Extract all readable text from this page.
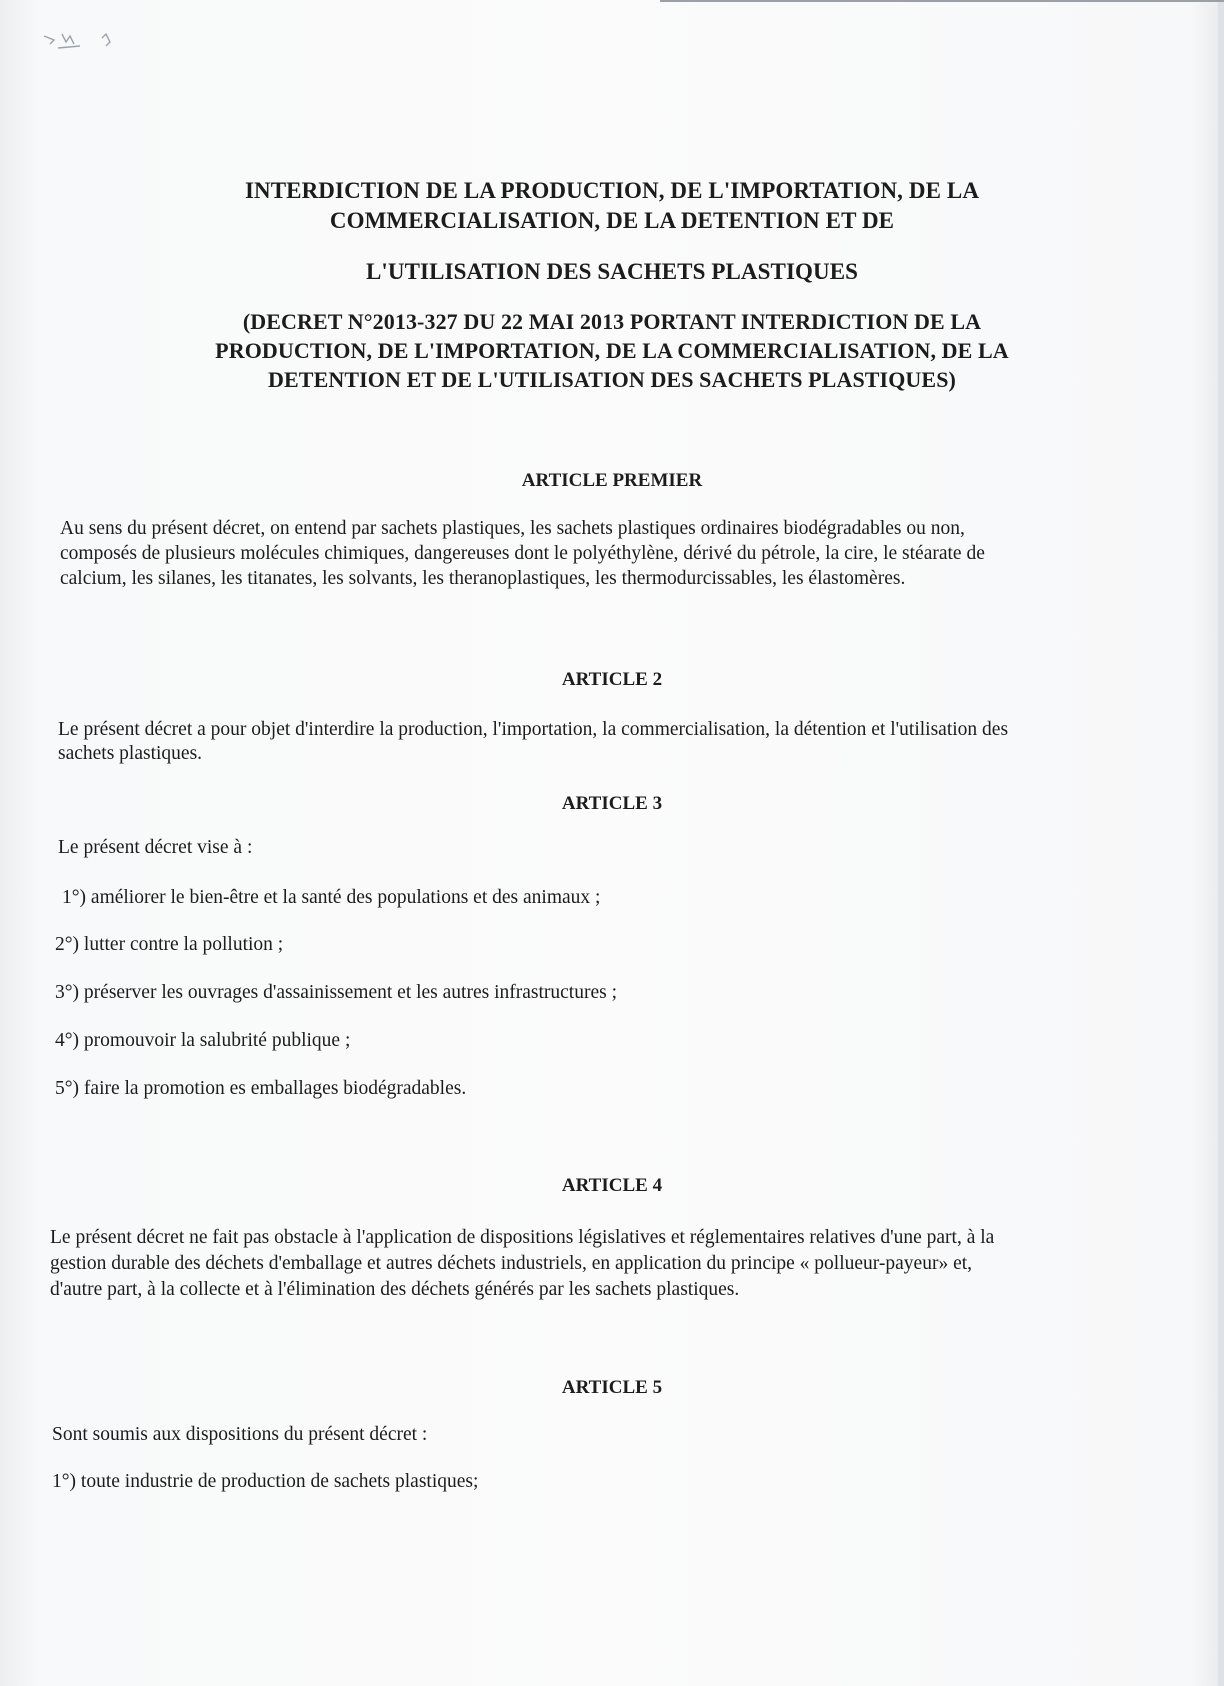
INTERDICTION DE LA PRODUCTION, DE L'IMPORTATION, DE LA
COMMERCIALISATION, DE LA DETENTION ET DE
L'UTILISATION DES SACHETS PLASTIQUES
(DECRET N°2013-327 DU 22 MAI 2013 PORTANT INTERDICTION DE LA
PRODUCTION, DE L'IMPORTATION, DE LA COMMERCIALISATION, DE LA
DETENTION ET DE L'UTILISATION DES SACHETS PLASTIQUES)
ARTICLE PREMIER
Au sens du présent décret, on entend par sachets plastiques, les sachets plastiques ordinaires biodégradables ou non,
composés de plusieurs molécules chimiques, dangereuses dont le polyéthylène, dérivé du pétrole, la cire, le stéarate de
calcium, les silanes, les titanates, les solvants, les theranoplastiques, les thermodurcissables, les élastomères.
ARTICLE 2
Le présent décret a pour objet d'interdire la production, l'importation, la commercialisation, la détention et l'utilisation des
sachets plastiques.
ARTICLE 3
Le présent décret vise à :
1°) améliorer le bien-être et la santé des populations et des animaux ;
2°) lutter contre la pollution ;
3°) préserver les ouvrages d'assainissement et les autres infrastructures ;
4°) promouvoir la salubrité publique ;
5°) faire la promotion es emballages biodégradables.
ARTICLE 4
Le présent décret ne fait pas obstacle à l'application de dispositions législatives et réglementaires relatives d'une part, à la
gestion durable des déchets d'emballage et autres déchets industriels, en application du principe « pollueur-payeur» et,
d'autre part, à la collecte et à l'élimination des déchets générés par les sachets plastiques.
ARTICLE 5
Sont soumis aux dispositions du présent décret :
1°) toute industrie de production de sachets plastiques;
